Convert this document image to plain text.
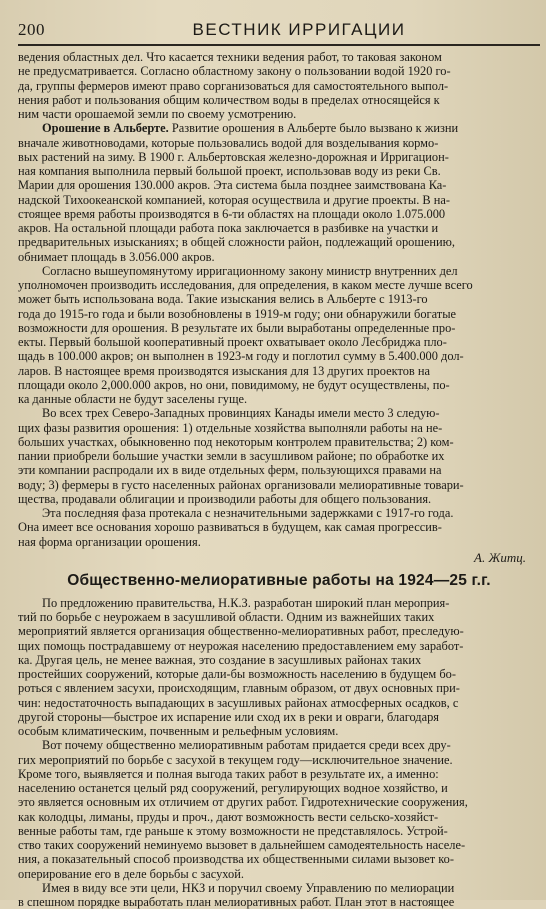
200	ВЕСТНИК ИРРИГАЦИИ
ведения областных дел. Что касается техники ведения работ, то таковая законом
не предусматривается. Согласно областному закону о пользовании водой 1920 го-
да, группы фермеров имеют право сорганизоваться для самостоятельного выпол-
нения работ и пользования общим количеством воды в пределах относящейся к
ним части орошаемой земли по своему усмотрению.
Орошение в Альберте. Развитие орошения в Альберте было вызвано к жизни
вначале животноводами, которые пользовались водой для возделывания кормо-
вых растений на зиму. В 1900 г. Альбертовская железно-дорожная и Ирригацион-
ная компания выполнила первый большой проект, использовав воду из реки Св.
Марии для орошения 130.000 акров. Эта система была позднее заимствована Ка-
надской Тихоокеанской компанией, которая осуществила и другие проекты. В на-
стоящее время работы производятся в 6-ти областях на площади около 1.075.000
акров. На остальной площади работа пока заключается в разбивке на участки и
предварительных изысканиях; в общей сложности район, подлежащий орошению,
обнимает площадь в 3.056.000 акров.
Согласно вышеупомянутому ирригационному закону министр внутренних дел
уполномочен производить исследования, для определения, в каком месте лучше всего
может быть использована вода. Такие изыскания велись в Альберте с 1913-го
года до 1915-го года и были возобновлены в 1919-м году; они обнаружили богатые
возможности для орошения. В результате их были выработаны определенные про-
екты. Первый большой кооперативный проект охватывает около Лесбриджа пло-
щадь в 100.000 акров; он выполнен в 1923-м году и поглотил сумму в 5.400.000 дол-
ларов. В настоящее время производятся изыскания для 13 других проектов на
площади около 2,000.000 акров, но они, повидимому, не будут осуществлены, по-
ка данные области не будут заселены гуще.
Во всех трех Северо-Западных провинциях Канады имели место 3 следую-
щих фазы развития орошения: 1) отдельные хозяйства выполняли работы на не-
больших участках, обыкновенно под некоторым контролем правительства; 2) ком-
пании приобрели большие участки земли в засушливом районе; по обработке их
эти компании распродали их в виде отдельных ферм, пользующихся правами на
воду; 3) фермеры в густо населенных районах организовали мелиоративные товари-
щества, продавали облигации и производили работы для общего пользования.
Эта последняя фаза протекала с незначительными задержками с 1917-го года.
Она имеет все основания хорошо развиваться в будущем, как самая прогрессив-
ная форма организации орошения.
А. Житц.
Общественно-мелиоративные работы на 1924—25 г.г.
По предложению правительства, Н.К.З. разработан широкий план мероприя-
тий по борьбе с неурожаем в засушливой области. Одним из важнейших таких
мероприятий является организация общественно-мелиоративных работ, преследую-
щих помощь пострадавшему от неурожая населению предоставлением ему заработ-
ка. Другая цель, не менее важная, это создание в засушливых районах таких
простейших сооружений, которые дали-бы возможность населению в будущем бо-
роться с явлением засухи, происходящим, главным образом, от двух основных при-
чин: недостаточность выпадающих в засушливых районах атмосферных осадков, с
другой стороны—быстрое их испарение или сход их в реки и овраги, благодаря
особым климатическим, почвенным и рельефным условиям.
Вот почему общественно мелиоративным работам придается среди всех дру-
гих мероприятий по борьбе с засухой в текущем году—исключительное значение.
Кроме того, выявляется и полная выгода таких работ в результате их, а именно:
населению останется целый ряд сооружений, регулирующих водное хозяйство, и
это является основным их отличием от других работ. Гидротехнические сооружения,
как колодцы, лиманы, пруды и проч., дают возможность вести сельско-хозяйст-
венные работы там, где раньше к этому возможности не представлялось. Устрой-
ство таких сооружений неминуемо вызовет в дальнейшем самодеятельность населе-
ния, а показательный способ производства их общественными силами вызовет ко-
оперирование его в деле борьбы с засухой.
Имея в виду все эти цели, НКЗ и поручил своему Управлению по мелиорации
в спешном порядке выработать план мелиоративных работ. План этот в настоящее
